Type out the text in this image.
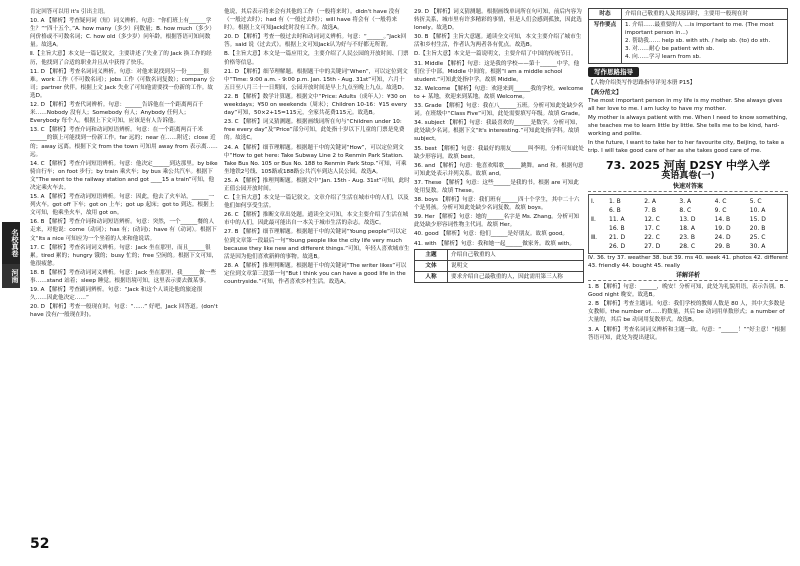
名校真卷
河南

肯定回答可以用 it's 引出主语。

10. A 【解析】考查疑问词（短）词义辨析。句意：“你们班上有______学生？”“四十五个。”A. how many（多少）问数量；B. how much（多少）问价格或不可数名词；C. how old（多少岁）问年龄。根据答语可知问数量。故选A。

Ⅱ.【主旨大意】本文是一篇记叙文，主要讲述了失业了的 Jack 换工作的经历，他找到了合适的职业并且从中获得了快乐。

11. D 【解析】考查名词词义辨析。句意：对他来说找到另一份______很难。work 工作（不可数名词）；jobs 工作（可数名词复数）；company 公司；partner 伙伴。根据上文 Jack 失业了可知他需要找一份新的工作。故选D。

12. D 【解析】考查代词辨析。句意：______告诉他在一个距离两百千米……Nobody 没有人；Somebody 有人；Anybody 任何人；Everybody 每个人。根据上下文可知，应该是有人告诉他。

13. C 【解析】考查介词和动词短语辨析。句意：在一个距离两百千米______的镇上可能找到一份新工作。far 远的；near 在……附近；close 近的；away 远离。根据下文 from the town 可知用 away from 表示离……远。

14. C 【解析】考查介词短语辨析。句意：他决定______到达那里。by bike 骑自行车；on foot 步行；by train 乘火车；by bus 乘公共汽车。根据下文“The went to the railway station and got ____15 a train”可知，他决定乘火车去。

15. A 【解析】考查动词短语辨析。句意：因此，他去了火车站，______一列火车。got off 下车；got on 上车；got up 起床；got to 到达。根据上文可知，他乘坐火车，故用 got on。

16. B 【解析】考查介词和动词短语辨析。句意：突然，一个______餐的人走来，对他说：come（动词）；has 有；(动词)；have 有（动词）。根据下文“Its a nice 可知应为一个坐着的人来和他说话。

17. C 【解析】考查名词词义辨析。句意：Jack 坐在那里，而且______很累。tired 累的；hungry 饿的；busy 忙的；free 空闲的。根据下文可知，他很疲惫。

18. B 【解析】考查动词词义辨析。句意：Jack 坐在那里，我______做一些事……stand 站着；sleep 睡觉。根据语境可知，这里表示要去做某事。

19. A 【解析】考查副词辨析。句意：“Jack 和这个人谈论他的旅途很久……因此他决定……”

20. D 【解析】考查一般现在时。句意：“......” 好吧，Jack 回答道。(don't have 没有/一般现在时)。

52

他说，其后表示将来会有其他的工作（一般将来时）。didn't have 没有（一般过去时）；had 有（一般过去时）；will have 将会有（一般将来时）。根据上文可知Jack此时没有工作。故选A。

20. D 【解析】考查一般过去时和动词词义辨析。句意：“______。”Jack回答。said 说（过去式）。根据上文可知Jack认为好与不好都无所谓。

B.【主旨大意】本文是一篇应用文，主要介绍了人民公园的开放时间、门票价格等信息。

21. D 【解析】细节理解题。根据题干中的关键词“When”，可以定位到文中“Time: 9:00 a.m. - 9:00 p.m. Jan. 15th - Aug. 31st”可知，六月十五日至八月三十一日期间，公园开放时间是早上九点至晚上九点。故选D。

22. B 【解析】数学计算题。根据文中“Price: Adults（成年人）：¥30 on weekdays；¥50 on weekends（周末）；Children 10-16：¥15 every day”可知，50×2+15=115元，全家共花费115元。故选B。

23. C 【解析】词义猜测题。根据画线词所在句与“Children under 10: free every day”及“Price”部分可知，此处指十岁以下儿童的门票是免费的。故选C。

24. A 【解析】细节理解题。根据题干中的关键词“How”，可以定位到文中“How to get here: Take Subway Line 2 to Renmin Park Station. Take Bus No. 105 or Bus No. 188 to Renmin Park Stop.”可知，可乘坐地铁2号线、105路或188路公共汽车到达人民公园。故选A。

25. A 【解析】推理判断题。根据文中“Jan. 15th - Aug. 31st”可知，此时正值公园开放时间。

C.【主旨大意】本文是一篇记叙文。文章介绍了生活在城市中的人们，以及他们如何享受生活。

26. C 【解析】推断文章出处题。通读全文可知，本文主要介绍了生活在城市中的人们，因此最可能出自一本关于城市生活的杂志。故选C。

27. B 【解析】细节理解题。根据题干中的关键词“Young people”可以定位到文章第一段最后一句“Young people like the city life very much because they like new and different things.”可知，年轻人喜欢城市生活是因为他们喜欢新鲜的事物。故选B。

28. A 【解析】推理判断题。根据题干中的关键词“The writer likes”可以定位到文章第三段第一句“But I think you can have a good life in the countryside.”可知，作者喜欢乡村生活。故选A。

29. D 【解析】词义猜测题。根据画线单词所在句可知，前后内容为转折关系，城市里有许多精彩的事情，但是人们会感到孤独，因此选 lonely。故选D。

30. B 【解析】主旨大意题。通读全文可知，本文主要介绍了城市生活和乡村生活，作者认为两者各有优点。故选B。

D.【主旨大意】本文是一篇说明文，主要介绍了中国的传统节日。

31. Middle 【解析】句意：这是我的学校——第十______中学，他们位于中部。Middle 中间的。根据“I am a middle school student.”可知此处指中学。故填 Middle。

32. Welcome 【解析】句意：欢迎来到______我的学校。welcome to + 某地，欢迎来到某地。故填 Welcome。

33. Grade 【解析】句意：我在八______五班。分析可知此处缺少名词。在班级中“Class Five”可知，此处需要填写年级。故填 Grade。

34. subject 【解析】句意：我最喜欢的______是数学。分析可知，此处缺少名词。根据下文“It's interesting.”可知此处指学科。故填 subject。

35. best 【解析】句意：我最好的朋友______叫李明。分析可知此处缺少形容词。故填 best。

36. and 【解析】句意：他喜欢唱歌______跳舞。and 和。根据句意可知此处表示并列关系。故填 and。

37. These 【解析】句意：这些______是我的书。根据 are 可知此处用复数。故填 These。

38. boys 【解析】句意：我们班有______四十个学生，其中二十六个是男孩。分析可知此处缺少名词复数。故填 boys。

39. Her 【解析】句意：她的______名字是 Ms. Zhang。分析可知此处缺少形容词性物主代词。故填 Her。

40. good 【解析】句意：他们______是好朋友。故填 good。

41. with 【解析】句意：我和她一起______做家务。故填 with。

主题	介绍自己敬重的人
文体	说明文
人称	要求介绍自己最敬重的人，因此需用第三人称
时态	介绍自己敬重的人及其原因时，主要用一般现在时
写作要点	1. 介绍……最重要的人 …is important to me. (The most important person in...)
2. 帮助我…… help sb. with sth. / help sb. (to) do sth.
3. 对……耐心 be patient with sb.
4. 向……学习 learn from sb.
写作思路指导
【人物介绍类写作思路指导详见本册 P15】
【高分范文】

The most important person in my life is my mother. She always gives all her love to me. I am lucky to have my mother.

My mother is always patient with me. When I need to know something, she teaches me to learn little by little. She tells me to be kind, hard-working and polite.

In the future, I want to take her to her favourite city, Beijing, to take a trip. I will take good care of her as she takes good care of me.

73. 2025 河南 D2SY 中学入学
英语真卷(一)
快速对答案
Ⅰ.	1. B	2. A	3. A	4. C	5. C
6. B	7. B	8. C	9. C	10. A
Ⅱ.	11. A	12. C	13. D	14. B	15. D
16. B	17. C	18. A	19. D	20. B
Ⅲ.	21. D	22. C	23. B	24. D	25. C
26. D	27. D	28. C	29. B	30. A

Ⅳ. 36. try 37. weather 38. but 39. ms 40. week 41. photos 42. different 43. friendly 44. bought 45. really

详解详析

1. B 【解析】句意：______，晚安！分析可知，此处为礼貌用语，表示告别。B. Good night 晚安。故选B。

2. B 【解析】考查主题词。句意：我们学校的教师人数是 80 人，其中大多数是女教师。the number of……的数量，其后 be 动词用单数形式；a number of 大量的，其后 be 动词用复数形式。故选B。

3. A 【解析】考查名词词义辨析和主题一致。句意：“______！”“好主意！”根据答语可知，此处为提出建议。
